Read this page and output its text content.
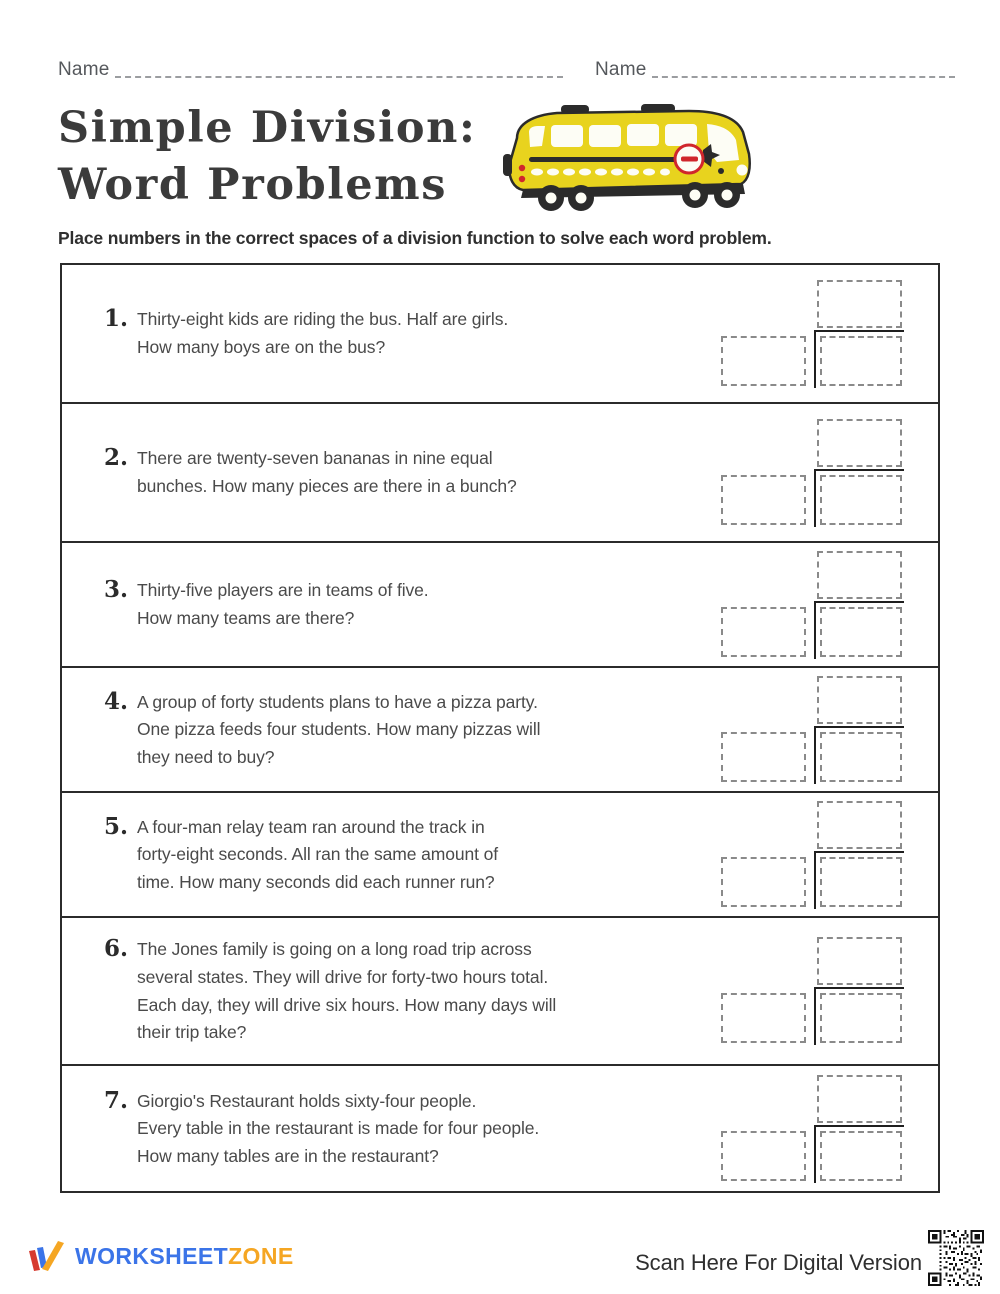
Name	Name
Simple Division:
Word Problems
Place numbers in the correct spaces of a division function to solve each word problem.
1. Thirty-eight kids are riding the bus. Half are girls.
How many boys are on the bus?
2. There are twenty-seven bananas in nine equal
bunches. How many pieces are there in a bunch?
3. Thirty-five players are in teams of five.
How many teams are there?
4. A group of forty students plans to have a pizza party.
One pizza feeds four students. How many pizzas will
they need to buy?
5. A four-man relay team ran around the track in
forty-eight seconds. All ran the same amount of
time. How many seconds did each runner run?
6. The Jones family is going on a long road trip across
several states. They will drive for forty-two hours total.
Each day, they will drive six hours. How many days will
their trip take?
7. Giorgio's Restaurant holds sixty-four people.
Every table in the restaurant is made for four people.
How many tables are in the restaurant?
WORKSHEETZONE	Scan Here For Digital Version
